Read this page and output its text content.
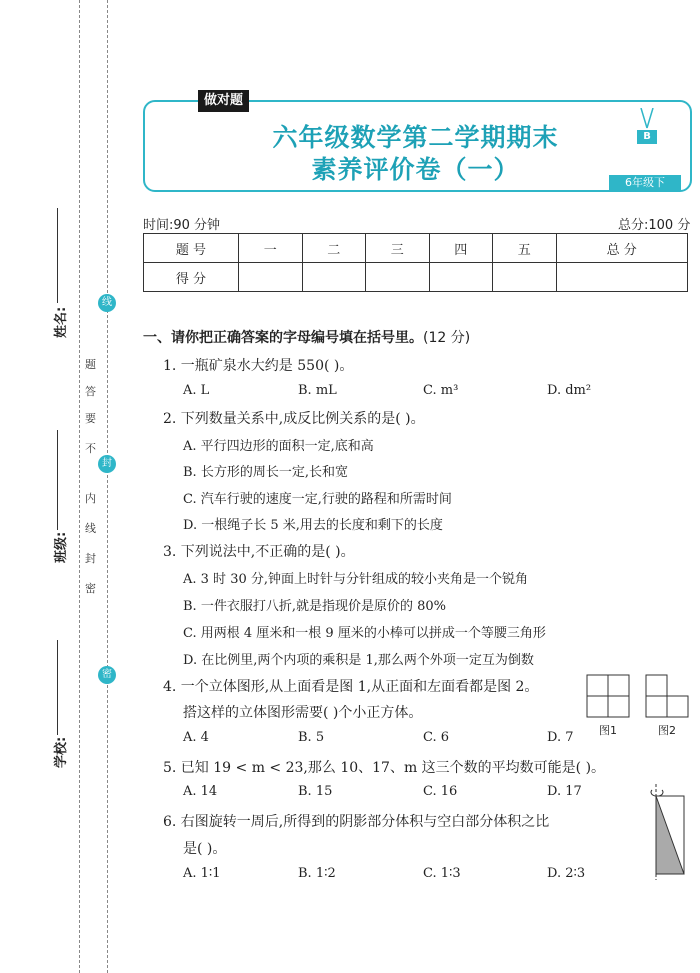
姓名:
班级:
学校:
线
封
密
密
封
线
内
不
要
答
题
做对题
六年级数学第二学期期末
素养评价卷（一）
B
6年级下
时间:90 分钟	总分:100 分
题 号	一	二	三	四	五	总 分
得 分						
一、请你把正确答案的字母编号填在括号里。(12 分)
1. 一瓶矿泉水大约是 550( )。
A. L	B. mL	C. m³	D. dm²
2. 下列数量关系中,成反比例关系的是( )。
A. 平行四边形的面积一定,底和高
B. 长方形的周长一定,长和宽
C. 汽车行驶的速度一定,行驶的路程和所需时间
D. 一根绳子长 5 米,用去的长度和剩下的长度
3. 下列说法中,不正确的是( )。
A. 3 时 30 分,钟面上时针与分针组成的较小夹角是一个锐角
B. 一件衣服打八折,就是指现价是原价的 80%
C. 用两根 4 厘米和一根 9 厘米的小棒可以拼成一个等腰三角形
D. 在比例里,两个内项的乘积是 1,那么两个外项一定互为倒数
4. 一个立体图形,从上面看是图 1,从正面和左面看都是图 2。
搭这样的立体图形需要( )个小正方体。
A. 4	B. 5	C. 6	D. 7 图1	图2
5. 已知 19 < m < 23,那么 10、17、m 这三个数的平均数可能是( )。
A. 14	B. 15	C. 16	D. 17
6. 右图旋转一周后,所得到的阴影部分体积与空白部分体积之比
是( )。
A. 1∶1	B. 1∶2	C. 1∶3	D. 2∶3
